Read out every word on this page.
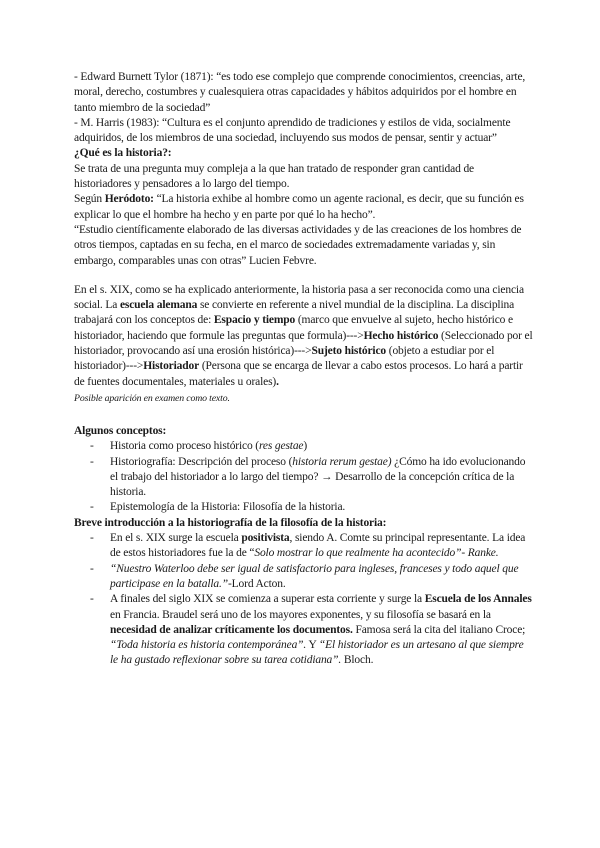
- Edward Burnett Tylor (1871): “es todo ese complejo que comprende conocimientos, creencias, arte, moral, derecho, costumbres y cualesquiera otras capacidades y hábitos adquiridos por el hombre en tanto miembro de la sociedad”

- M. Harris (1983): “Cultura es el conjunto aprendido de tradiciones y estilos de vida, socialmente adquiridos, de los miembros de una sociedad, incluyendo sus modos de pensar, sentir y actuar”

¿Qué es la historia?:

Se trata de una pregunta muy compleja a la que han tratado de responder gran cantidad de historiadores y pensadores a lo largo del tiempo.

Según Heródoto: “La historia exhibe al hombre como un agente racional, es decir, que su función es explicar lo que el hombre ha hecho y en parte por qué lo ha hecho”.

“Estudio científicamente elaborado de las diversas actividades y de las creaciones de los hombres de otros tiempos, captadas en su fecha, en el marco de sociedades extremadamente variadas y, sin embargo, comparables unas con otras” Lucien Febvre.

En el s. XIX, como se ha explicado anteriormente, la historia pasa a ser reconocida como una ciencia social. La escuela alemana se convierte en referente a nivel mundial de la disciplina. La disciplina trabajará con los conceptos de: Espacio y tiempo (marco que envuelve al sujeto, hecho histórico e historiador, haciendo que formule las preguntas que formula)--->Hecho histórico (Seleccionado por el historiador, provocando así una erosión histórica)--->Sujeto histórico (objeto a estudiar por el historiador)--->Historiador (Persona que se encarga de llevar a cabo estos procesos. Lo hará a partir de fuentes documentales, materiales u orales).

Posible aparición en examen como texto.

Algunos conceptos:

- Historia como proceso histórico (res gestae)
- Historiografía: Descripción del proceso (historia rerum gestae) ¿Cómo ha ido evolucionando el trabajo del historiador a lo largo del tiempo? → Desarrollo de la concepción crítica de la historia.
- Epistemología de la Historia: Filosofía de la historia.

Breve introducción a la historiografía de la filosofía de la historia:

- En el s. XIX surge la escuela positivista, siendo A. Comte su principal representante. La idea de estos historiadores fue la de “Solo mostrar lo que realmente ha acontecido”- Ranke.
- “Nuestro Waterloo debe ser igual de satisfactorio para ingleses, franceses y todo aquel que participase en la batalla.”-Lord Acton.
- A finales del siglo XIX se comienza a superar esta corriente y surge la Escuela de los Annales en Francia. Braudel será uno de los mayores exponentes, y su filosofía se basará en la necesidad de analizar críticamente los documentos. Famosa será la cita del italiano Croce; “Toda historia es historia contemporánea”. Y “El historiador es un artesano al que siempre le ha gustado reflexionar sobre su tarea cotidiana”. Bloch.
